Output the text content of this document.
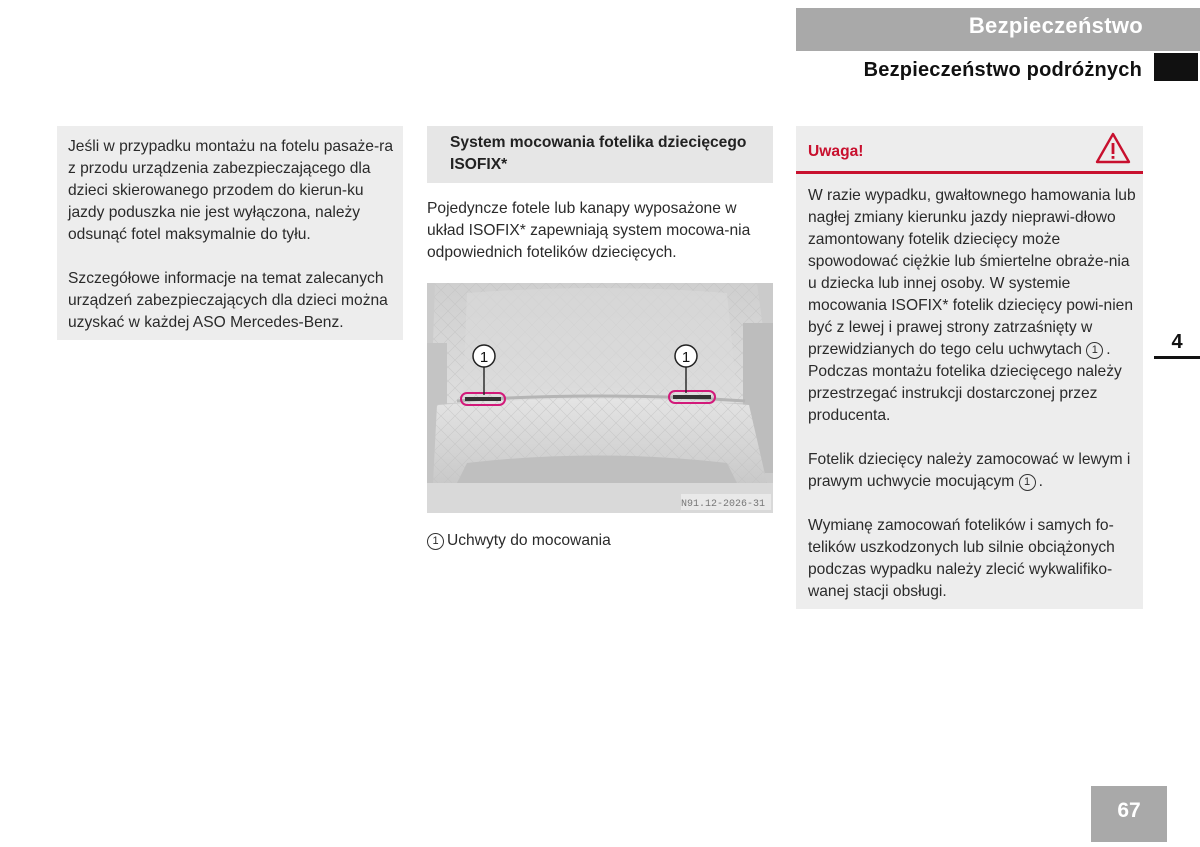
Bezpieczeństwo
Bezpieczeństwo podróżnych

Jeśli w przypadku montażu na fotelu pasaże-ra z przodu urządzenia zabezpieczającego dla dzieci skierowanego przodem do kierun-ku jazdy poduszka nie jest wyłączona, należy odsunąć fotel maksymalnie do tyłu.

Szczegółowe informacje na temat zalecanych urządzeń zabezpieczających dla dzieci można uzyskać w każdej ASO Mercedes-Benz.

System mocowania fotelika dziecięcego ISOFIX*

Pojedyncze fotele lub kanapy wyposażone w układ ISOFIX* zapewniają system mocowa-nia odpowiednich fotelików dziecięcych.

1	1
N91.12-2026-31
1 Uchwyty do mocowania
Uwaga!

W razie wypadku, gwałtownego hamowania lub nagłej zmiany kierunku jazdy nieprawi-dłowo zamontowany fotelik dziecięcy może spowodować ciężkie lub śmiertelne obraże-nia u dziecka lub innej osoby. W systemie mocowania ISOFIX* fotelik dziecięcy powi-nien być z lewej i prawej strony zatrzaśnięty w przewidzianych do tego celu uchwytach 1 . Podczas montażu fotelika dziecięcego należy przestrzegać instrukcji dostarczonej przez producenta.

Fotelik dziecięcy należy zamocować w lewym i prawym uchwycie mocującym 1 .

Wymianę zamocowań fotelików i samych fo-telików uszkodzonych lub silnie obciążonych podczas wypadku należy zlecić wykwalifiko-wanej stacji obsługi.

4
67
